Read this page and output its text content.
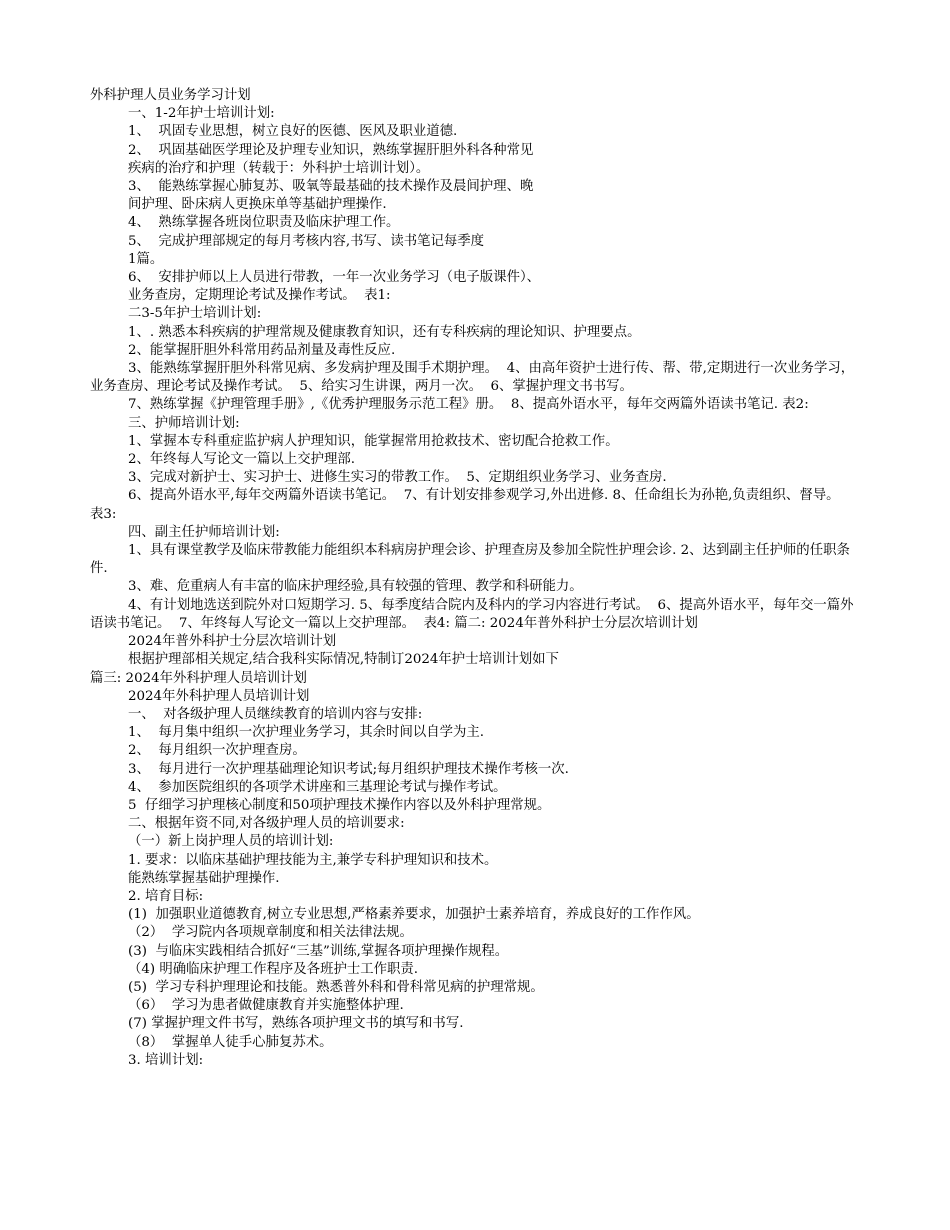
外科护理人员业务学习计划
一、1-2年护士培训计划:
1、  巩固专业思想，树立良好的医德、医风及职业道德.
2、  巩固基础医学理论及护理专业知识，熟练掌握肝胆外科各种常见
疾病的治疗和护理（转载于：外科护士培训计划）。
3、  能熟练掌握心肺复苏、吸氧等最基础的技术操作及晨间护理、晚
间护理、卧床病人更换床单等基础护理操作.
4、  熟练掌握各班岗位职责及临床护理工作。
5、  完成护理部规定的每月考核内容,书写、读书笔记每季度
1篇。
6、  安排护师以上人员进行带教，一年一次业务学习（电子版课件）、
业务查房，定期理论考试及操作考试。  表1:
二3-5年护士培训计划:
1、. 熟悉本科疾病的护理常规及健康教育知识，还有专科疾病的理论知识、护理要点。
2、能掌握肝胆外科常用药品剂量及毒性反应.
3、能熟练掌握肝胆外科常见病、多发病护理及围手术期护理。  4、由高年资护士进行传、帮、带,定期进行一次业务学习，业务查房、理论考试及操作考试。  5、给实习生讲课，两月一次。  6、掌握护理文书书写。
7、熟练掌握《护理管理手册》,《优秀护理服务示范工程》册。  8、提高外语水平，每年交两篇外语读书笔记. 表2:
三、护师培训计划:
1、掌握本专科重症监护病人护理知识，能掌握常用抢救技术、密切配合抢救工作。
2、年终每人写论文一篇以上交护理部.
3、完成对新护士、实习护士、进修生实习的带教工作。  5、定期组织业务学习、业务查房.
6、提高外语水平,每年交两篇外语读书笔记。  7、有计划安排参观学习,外出进修. 8、任命组长为孙艳,负责组织、督导。  表3:
四、副主任护师培训计划:
1、具有课堂教学及临床带教能力能组织本科病房护理会诊、护理查房及参加全院性护理会诊. 2、达到副主任护师的任职条件.
3、难、危重病人有丰富的临床护理经验,具有较强的管理、教学和科研能力。
4、有计划地选送到院外对口短期学习. 5、每季度结合院内及科内的学习内容进行考试。  6、提高外语水平，每年交一篇外语读书笔记。  7、年终每人写论文一篇以上交护理部。  表4: 篇二: 2024年普外科护士分层次培训计划
2024年普外科护士分层次培训计划
根据护理部相关规定,结合我科实际情况,特制订2024年护士培训计划如下
篇三: 2024年外科护理人员培训计划
2024年外科护理人员培训计划
一、  对各级护理人员继续教育的培训内容与安排:
1、  每月集中组织一次护理业务学习，其余时间以自学为主.
2、  每月组织一次护理查房。
3、  每月进行一次护理基础理论知识考试;每月组织护理技术操作考核一次.
4、  参加医院组织的各项学术讲座和三基理论考试与操作考试。
5  仔细学习护理核心制度和50项护理技术操作内容以及外科护理常规。
二、根据年资不同,对各级护理人员的培训要求:
（一）新上岗护理人员的培训计划:
1. 要求：以临床基础护理技能为主,兼学专科护理知识和技术。
能熟练掌握基础护理操作.
2. 培育目标:
(1)  加强职业道德教育,树立专业思想,严格素养要求，加强护士素养培育，养成良好的工作作风。
（2）  学习院内各项规章制度和相关法律法规。
(3)  与临床实践相结合抓好“三基”训练,掌握各项护理操作规程。
（4) 明确临床护理工作程序及各班护士工作职责.
(5)  学习专科护理理论和技能。熟悉普外科和骨科常见病的护理常规。
（6）  学习为患者做健康教育并实施整体护理.
(7) 掌握护理文件书写，熟练各项护理文书的填写和书写.
（8）  掌握单人徒手心肺复苏术。
3. 培训计划:
